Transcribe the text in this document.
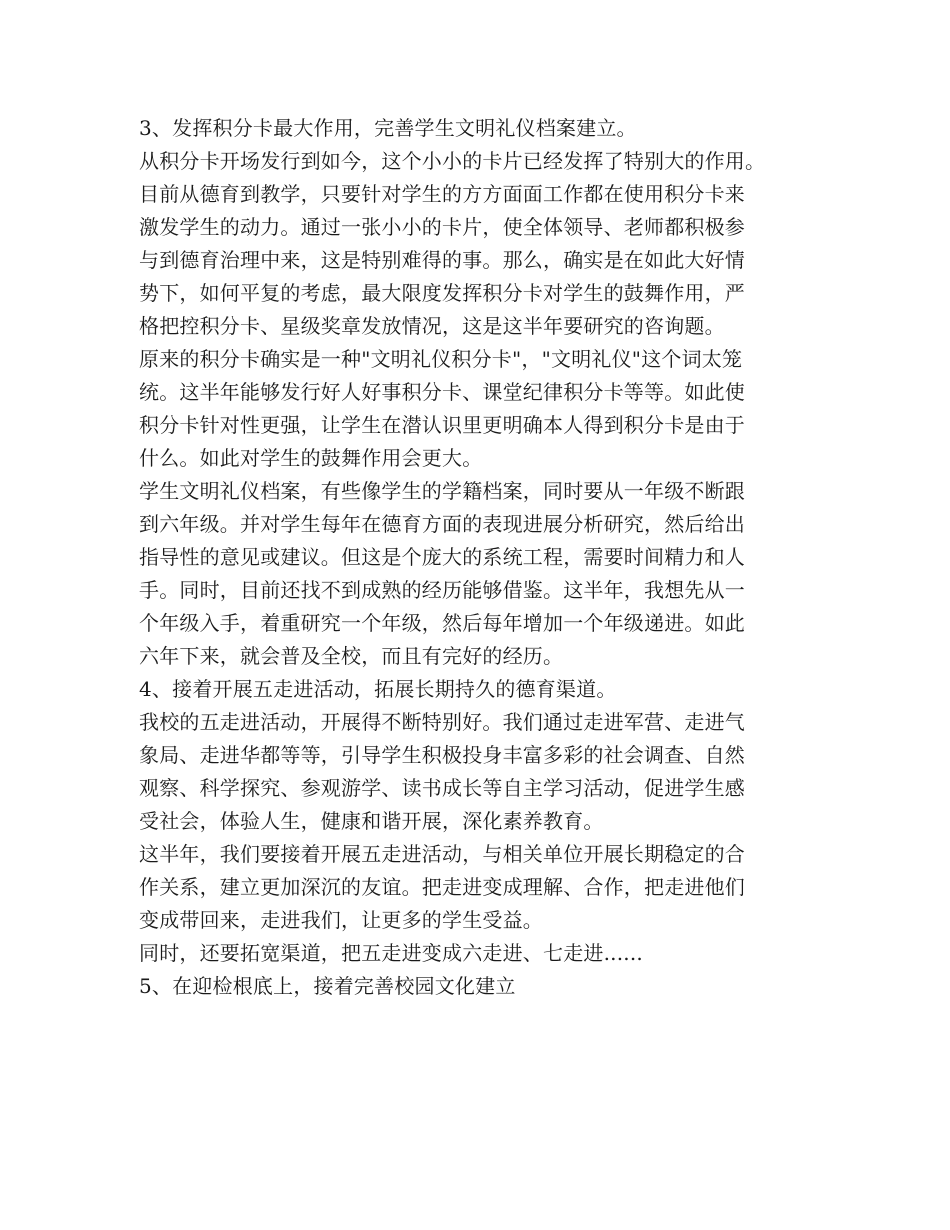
3、发挥积分卡最大作用，完善学生文明礼仪档案建立。
从积分卡开场发行到如今，这个小小的卡片已经发挥了特别大的作用。
目前从德育到教学，只要针对学生的方方面面工作都在使用积分卡来
激发学生的动力。通过一张小小的卡片，使全体领导、老师都积极参
与到德育治理中来，这是特别难得的事。那么，确实是在如此大好情
势下，如何平复的考虑，最大限度发挥积分卡对学生的鼓舞作用，严
格把控积分卡、星级奖章发放情况，这是这半年要研究的咨询题。
原来的积分卡确实是一种"文明礼仪积分卡"，"文明礼仪"这个词太笼
统。这半年能够发行好人好事积分卡、课堂纪律积分卡等等。如此使
积分卡针对性更强，让学生在潜认识里更明确本人得到积分卡是由于
什么。如此对学生的鼓舞作用会更大。
学生文明礼仪档案，有些像学生的学籍档案，同时要从一年级不断跟
到六年级。并对学生每年在德育方面的表现进展分析研究，然后给出
指导性的意见或建议。但这是个庞大的系统工程，需要时间精力和人
手。同时，目前还找不到成熟的经历能够借鉴。这半年，我想先从一
个年级入手，着重研究一个年级，然后每年增加一个年级递进。如此
六年下来，就会普及全校，而且有完好的经历。
4、接着开展五走进活动，拓展长期持久的德育渠道。
我校的五走进活动，开展得不断特别好。我们通过走进军营、走进气
象局、走进华都等等，引导学生积极投身丰富多彩的社会调查、自然
观察、科学探究、参观游学、读书成长等自主学习活动，促进学生感
受社会，体验人生，健康和谐开展，深化素养教育。
这半年，我们要接着开展五走进活动，与相关单位开展长期稳定的合
作关系，建立更加深沉的友谊。把走进变成理解、合作，把走进他们
变成带回来，走进我们，让更多的学生受益。
同时，还要拓宽渠道，把五走进变成六走进、七走进......
5、在迎检根底上，接着完善校园文化建立
